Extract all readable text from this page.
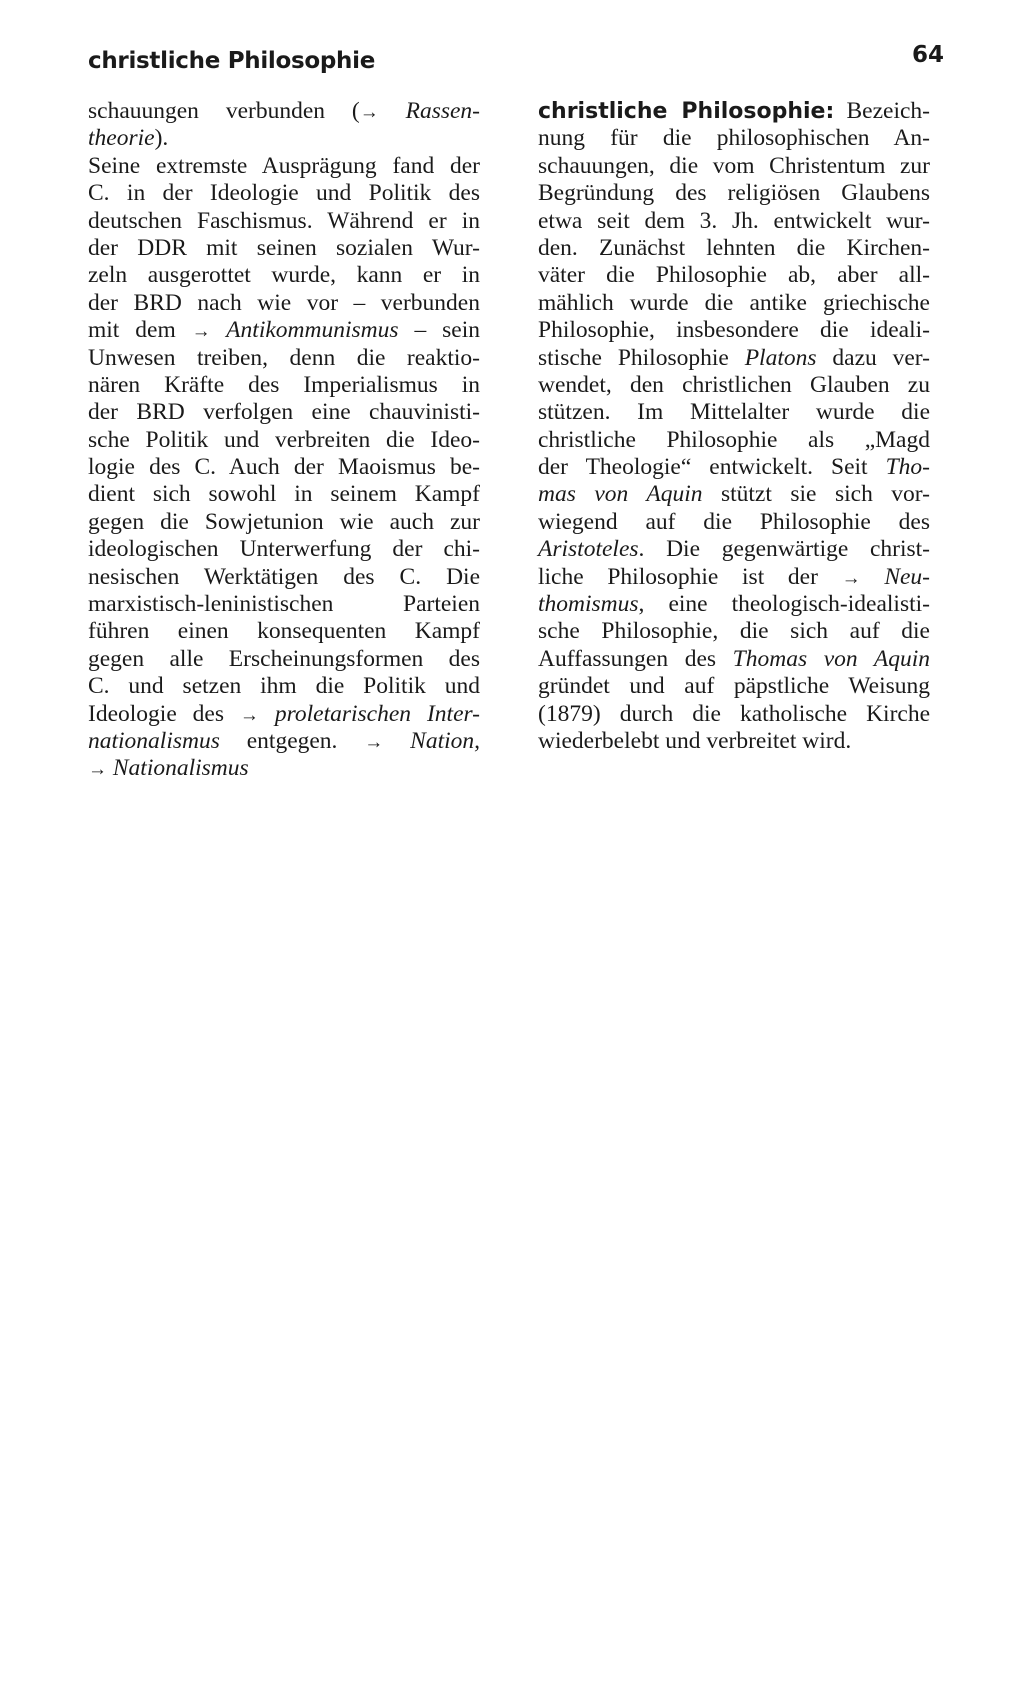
christliche Philosophie	64
schauungen verbunden (→ Rassen-
theorie).
Seine extremste Ausprägung fand der
C. in der Ideologie und Politik des
deutschen Faschismus. Während er in
der DDR mit seinen sozialen Wur-
zeln ausgerottet wurde, kann er in
der BRD nach wie vor – verbunden
mit dem → Antikommunismus – sein
Unwesen treiben, denn die reaktio-
nären Kräfte des Imperialismus in
der BRD verfolgen eine chauvinisti-
sche Politik und verbreiten die Ideo-
logie des C. Auch der Maoismus be-
dient sich sowohl in seinem Kampf
gegen die Sowjetunion wie auch zur
ideologischen Unterwerfung der chi-
nesischen Werktätigen des C. Die
marxistisch-leninistischen Parteien
führen einen konsequenten Kampf
gegen alle Erscheinungsformen des
C. und setzen ihm die Politik und
Ideologie des → proletarischen Inter-
nationalismus entgegen. → Nation,
→ Nationalismus
christliche Philosophie: Bezeich-
nung für die philosophischen An-
schauungen, die vom Christentum zur
Begründung des religiösen Glaubens
etwa seit dem 3. Jh. entwickelt wur-
den. Zunächst lehnten die Kirchen-
väter die Philosophie ab, aber all-
mählich wurde die antike griechische
Philosophie, insbesondere die ideali-
stische Philosophie Platons dazu ver-
wendet, den christlichen Glauben zu
stützen. Im Mittelalter wurde die
christliche Philosophie als „Magd
der Theologie“ entwickelt. Seit Tho-
mas von Aquin stützt sie sich vor-
wiegend auf die Philosophie des
Aristoteles. Die gegenwärtige christ-
liche Philosophie ist der → Neu-
thomismus, eine theologisch-idealisti-
sche Philosophie, die sich auf die
Auffassungen des Thomas von Aquin
gründet und auf päpstliche Weisung
(1879) durch die katholische Kirche
wiederbelebt und verbreitet wird.
